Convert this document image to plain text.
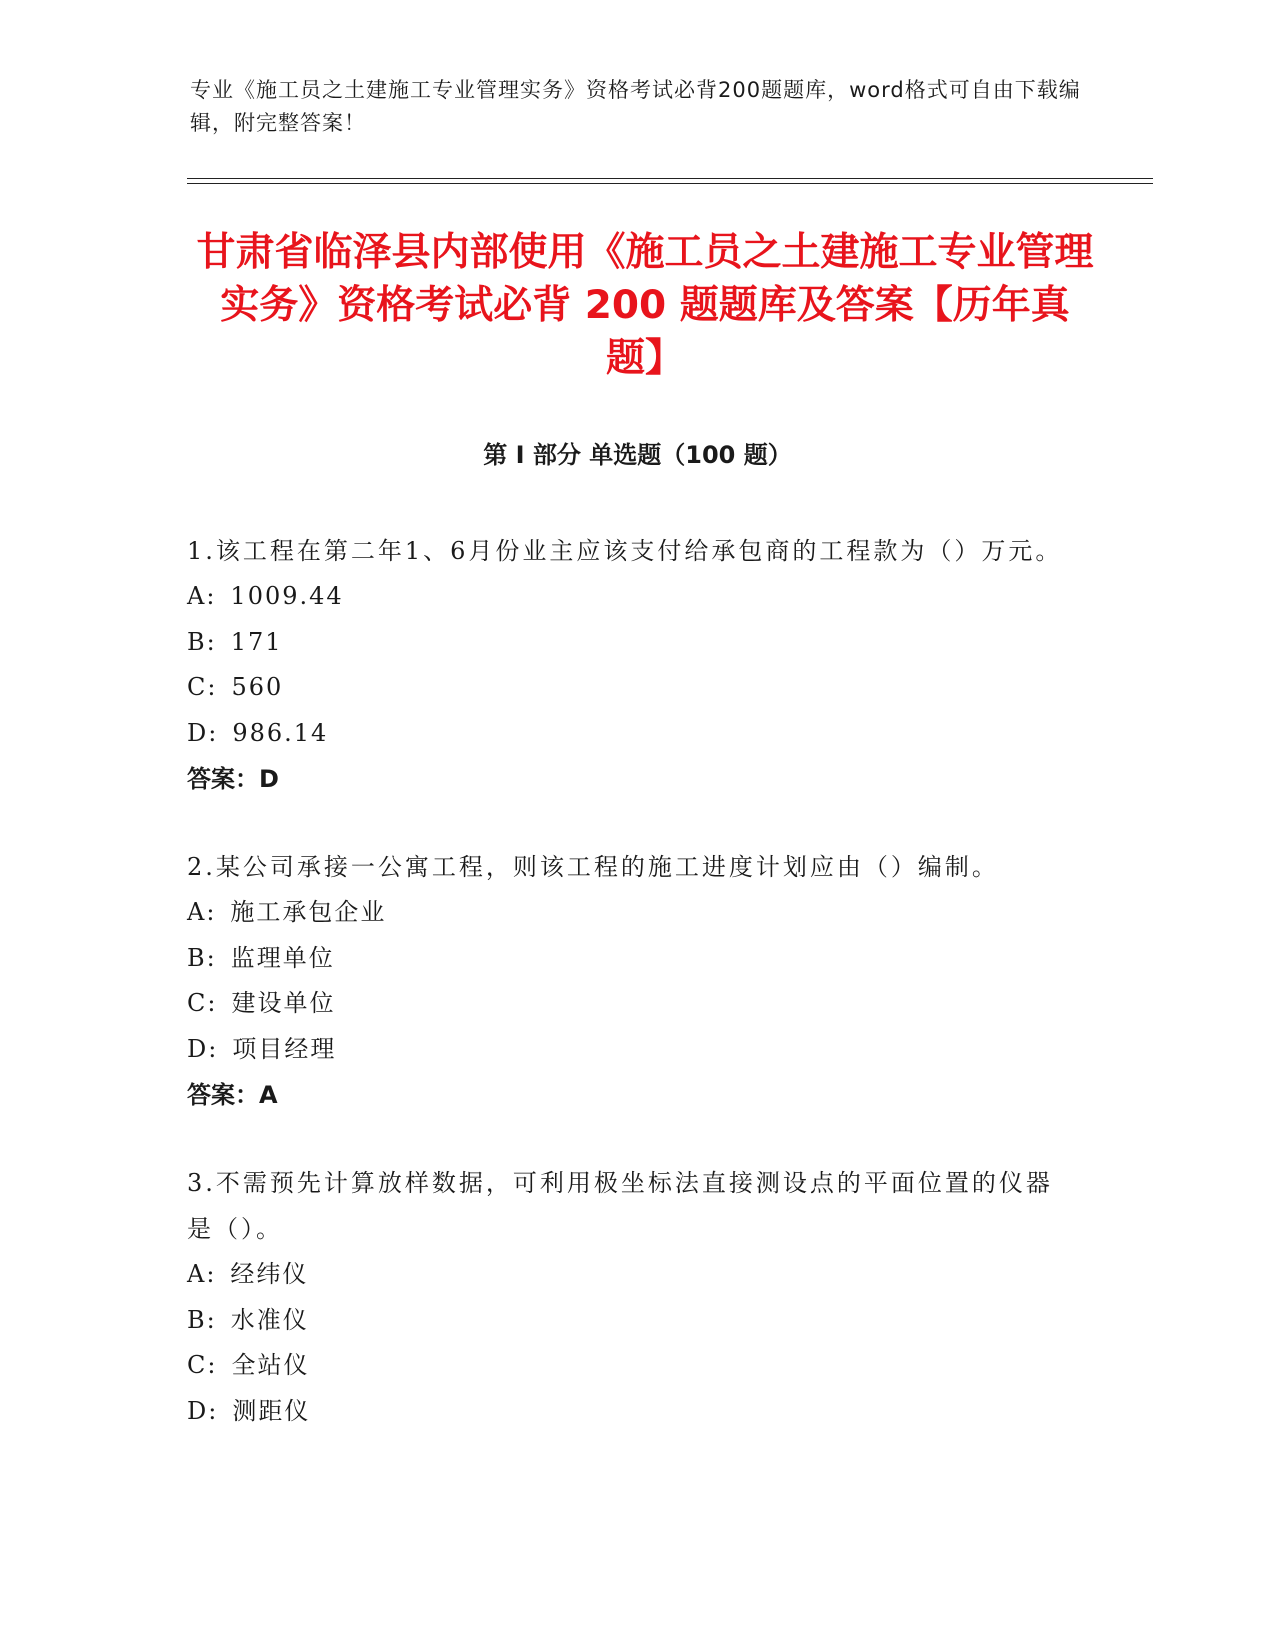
专业《施工员之土建施工专业管理实务》资格考试必背200题题库，word格式可自由下载编辑，附完整答案！
甘肃省临泽县内部使用《施工员之土建施工专业管理实务》资格考试必背 200 题题库及答案【历年真题】
第 I 部分 单选题（100 题）

1.该工程在第二年1、6月份业主应该支付给承包商的工程款为（）万元。

A: 1009.44

B: 171

C: 560

D: 986.14

答案：D

2.某公司承接一公寓工程，则该工程的施工进度计划应由（）编制。

A: 施工承包企业

B: 监理单位

C: 建设单位

D: 项目经理

答案：A

3.不需预先计算放样数据，可利用极坐标法直接测设点的平面位置的仪器是（）。

A: 经纬仪

B: 水准仪

C: 全站仪

D: 测距仪
